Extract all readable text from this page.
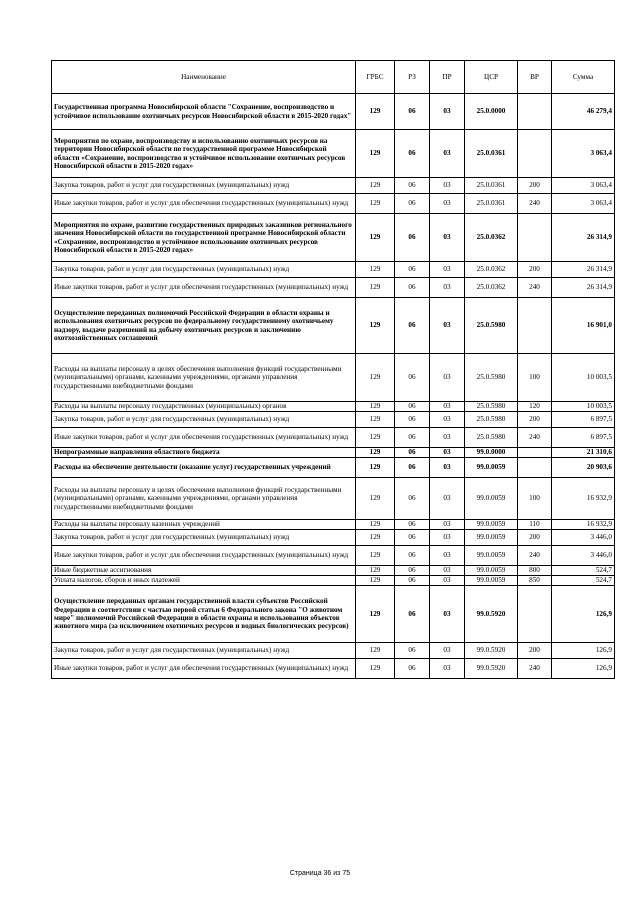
Наименование	ГРБС	РЗ	ПР	ЦСР	ВР	Сумма
Государственная программа Новосибирской области "Сохранение, воспроизводство и устойчивое использование охотничьих ресурсов Новосибирской области в 2015-2020 годах"	129	06	03	25.0.0000		46 279,4
Мероприятия по охране, воспроизводству и использованию охотничьих ресурсов на территории Новосибирской области по государственной программе Новосибирской области «Сохранение, воспроизводство и устойчивое использование охотничьих ресурсов Новосибирской области в 2015-2020 годах»	129	06	03	25.0.0361		3 063,4
Закупка товаров, работ и услуг для государственных (муниципальных) нужд	129	06	03	25.0.0361	200	3 063,4
Иные закупки товаров, работ и услуг для обеспечения государственных (муниципальных) нужд	129	06	03	25.0.0361	240	3 063,4
Мероприятия по охране, развитию государственных природных заказников регионального значения Новосибирской области по государственной программе Новосибирской области «Сохранение, воспроизводство и устойчивое использование охотничьих ресурсов Новосибирской области в 2015-2020 годах»	129	06	03	25.0.0362		26 314,9
Закупка товаров, работ и услуг для государственных (муниципальных) нужд	129	06	03	25.0.0362	200	26 314,9
Иные закупки товаров, работ и услуг для обеспечения государственных (муниципальных) нужд	129	06	03	25.0.0362	240	26 314,9
Осуществление переданных полномочий Российской Федерации в области охраны и использования охотничьих ресурсов по федеральному государственному охотничьему надзору, выдаче разрешений на добычу охотничьих ресурсов и заключению охотхозяйственных соглашений	129	06	03	25.0.5980		16 901,0
Расходы на выплаты персоналу в целях обеспечения выполнения функций государственными (муниципальными) органами, казенными учреждениями, органами управления государственными внебюджетными фондами	129	06	03	25.0.5980	100	10 003,5
Расходы на выплаты персоналу государственных (муниципальных) органов	129	06	03	25.0.5980	120	10 003,5
Закупка товаров, работ и услуг для государственных (муниципальных) нужд	129	06	03	25.0.5980	200	6 897,5
Иные закупки товаров, работ и услуг для обеспечения государственных (муниципальных) нужд	129	06	03	25.0.5980	240	6 897,5
Непрограммные направления областного бюджета	129	06	03	99.0.0000		21 310,6
Расходы на обеспечение деятельности (оказание услуг) государственных учреждений	129	06	03	99.0.0059		20 903,6
Расходы на выплаты персоналу в целях обеспечения выполнения функций государственными (муниципальными) органами, казенными учреждениями, органами управления государственными внебюджетными фондами	129	06	03	99.0.0059	100	16 932,9
Расходы на выплаты персоналу казенных учреждений	129	06	03	99.0.0059	110	16 932,9
Закупка товаров, работ и услуг для государственных (муниципальных) нужд	129	06	03	99.0.0059	200	3 446,0
Иные закупки товаров, работ и услуг для обеспечения государственных (муниципальных) нужд	129	06	03	99.0.0059	240	3 446,0
Иные бюджетные ассигнования	129	06	03	99.0.0059	800	524,7
Уплата налогов, сборов и иных платежей	129	06	03	99.0.0059	850	524,7
Осуществление переданных органам государственной власти субъектов Российской Федерации в соответствии с частью первой статьи 6 Федерального закона "О животном мире" полномочий Российской Федерации в области охраны и использования объектов животного мира (за исключением охотничьих ресурсов и водных биологических ресурсов)	129	06	03	99.0.5920		126,9
Закупка товаров, работ и услуг для государственных (муниципальных) нужд	129	06	03	99.0.5920	200	126,9
Иные закупки товаров, работ и услуг для обеспечения государственных (муниципальных) нужд	129	06	03	99.0.5920	240	126,9
Страница 36 из 75
